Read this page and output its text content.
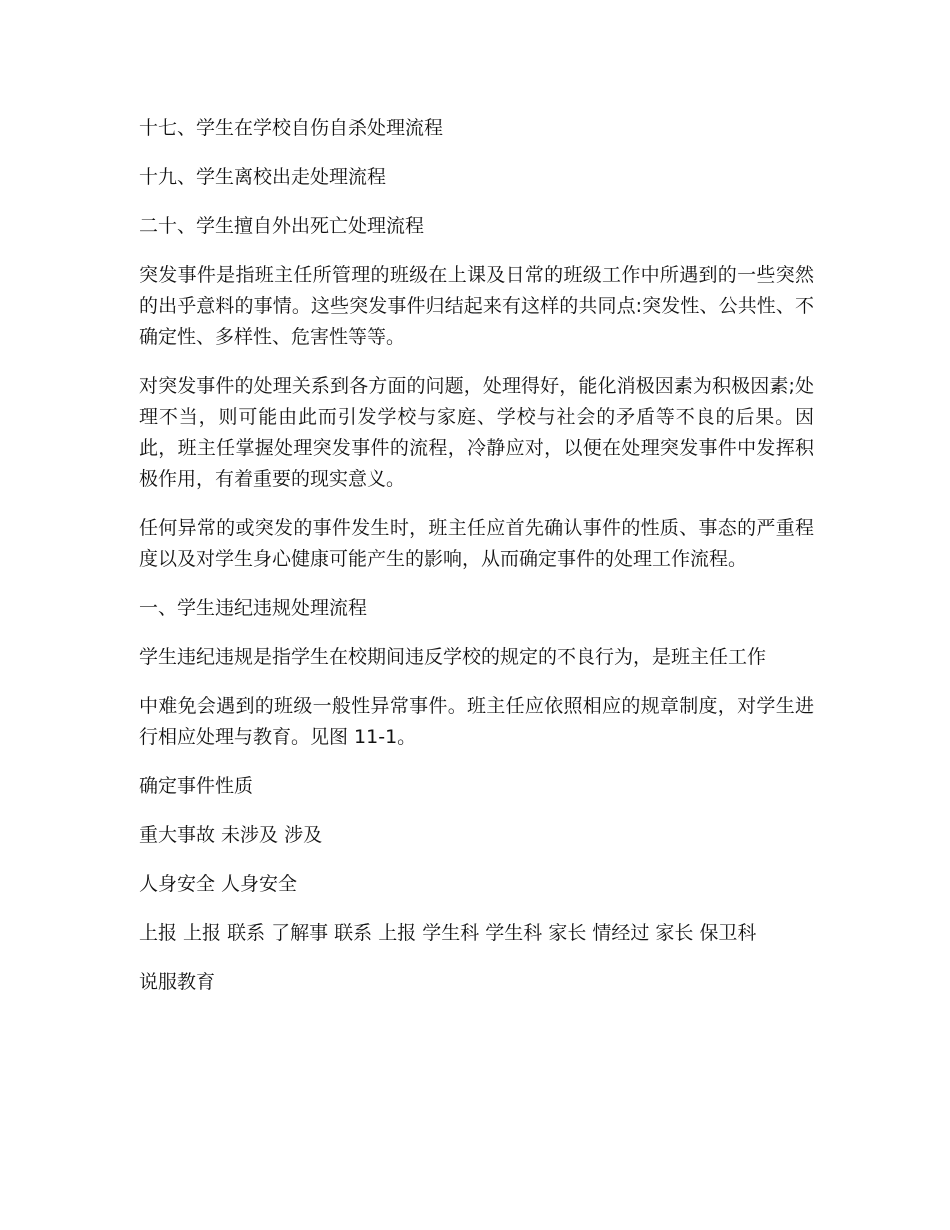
十七、学生在学校自伤自杀处理流程

十九、学生离校出走处理流程

二十、学生擅自外出死亡处理流程

突发事件是指班主任所管理的班级在上课及日常的班级工作中所遇到的一些突然的出乎意料的事情。这些突发事件归结起来有这样的共同点:突发性、公共性、不确定性、多样性、危害性等等。

对突发事件的处理关系到各方面的问题，处理得好，能化消极因素为积极因素;处理不当，则可能由此而引发学校与家庭、学校与社会的矛盾等不良的后果。因此，班主任掌握处理突发事件的流程，冷静应对，以便在处理突发事件中发挥积极作用，有着重要的现实意义。

任何异常的或突发的事件发生时，班主任应首先确认事件的性质、事态的严重程度以及对学生身心健康可能产生的影响，从而确定事件的处理工作流程。

一、学生违纪违规处理流程

学生违纪违规是指学生在校期间违反学校的规定的不良行为，是班主任工作

中难免会遇到的班级一般性异常事件。班主任应依照相应的规章制度，对学生进行相应处理与教育。见图 11-1。

确定事件性质

重大事故 未涉及 涉及

人身安全 人身安全

上报 上报 联系 了解事 联系 上报 学生科 学生科 家长 情经过 家长 保卫科

说服教育
